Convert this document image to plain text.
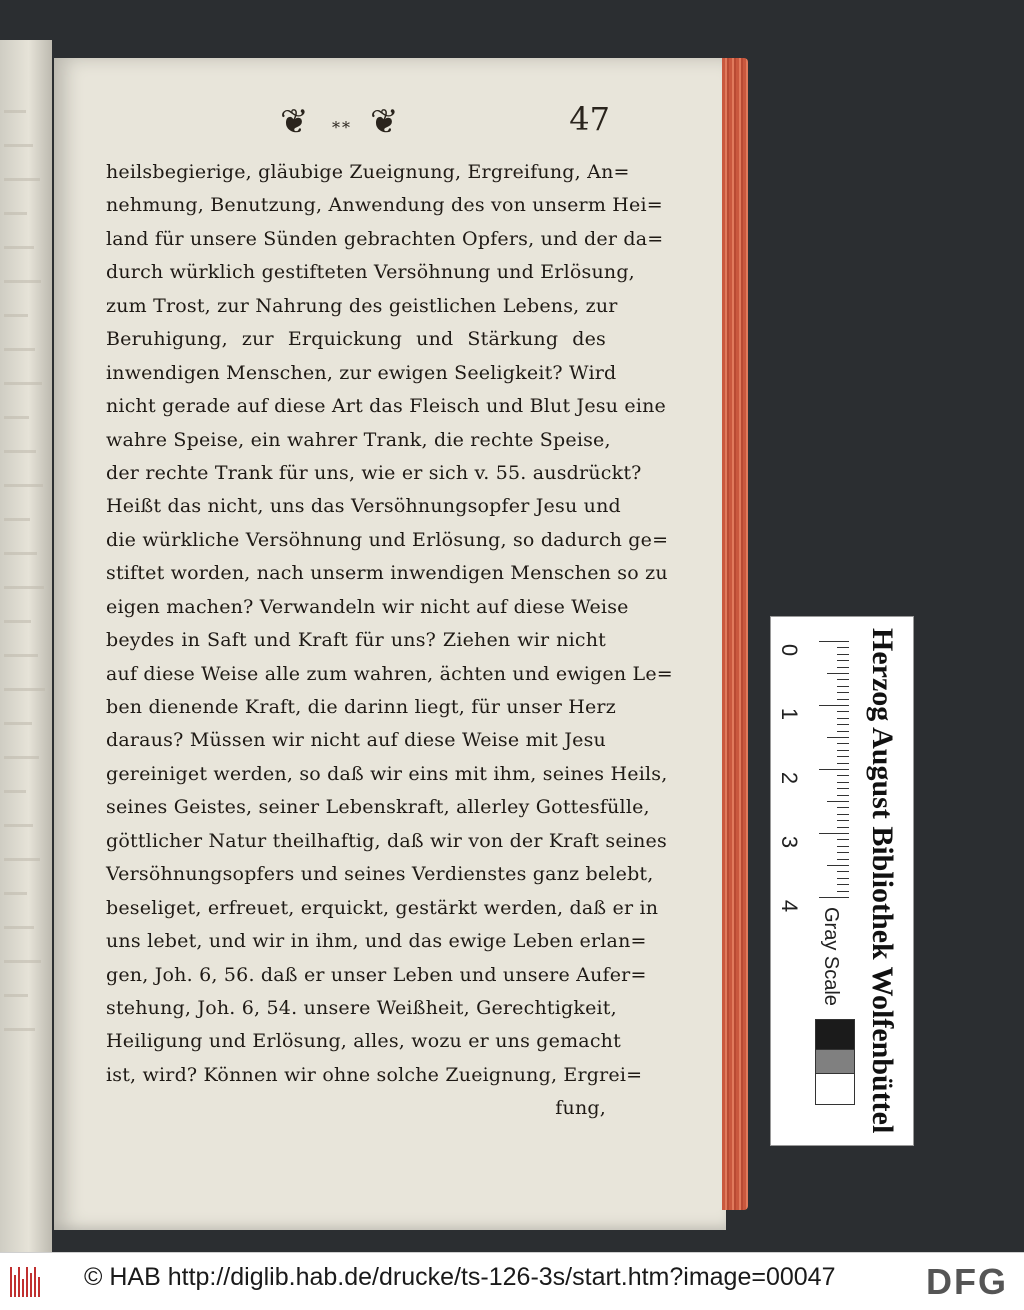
❦ ** ❦	47
heilsbegierige, gläubige Zueignung, Ergreifung, An=
nehmung, Benutzung, Anwendung des von unserm Hei=
land für unsere Sünden gebrachten Opfers, und der da=
durch würklich gestifteten Versöhnung und Erlösung,
zum Trost, zur Nahrung des geistlichen Lebens, zur
Beruhigung, zur Erquickung und Stärkung des
inwendigen Menschen, zur ewigen Seeligkeit? Wird
nicht gerade auf diese Art das Fleisch und Blut Jesu eine
wahre Speise, ein wahrer Trank, die rechte Speise,
der rechte Trank für uns, wie er sich v. 55. ausdrückt?
Heißt das nicht, uns das Versöhnungsopfer Jesu und
die würkliche Versöhnung und Erlösung, so dadurch ge=
stiftet worden, nach unserm inwendigen Menschen so zu
eigen machen? Verwandeln wir nicht auf diese Weise
beydes in Saft und Kraft für uns? Ziehen wir nicht
auf diese Weise alle zum wahren, ächten und ewigen Le=
ben dienende Kraft, die darinn liegt, für unser Herz
daraus? Müssen wir nicht auf diese Weise mit Jesu
gereiniget werden, so daß wir eins mit ihm, seines Heils,
seines Geistes, seiner Lebenskraft, allerley Gottesfülle,
göttlicher Natur theilhaftig, daß wir von der Kraft seines
Versöhnungsopfers und seines Verdienstes ganz belebt,
beseliget, erfreuet, erquickt, gestärkt werden, daß er in
uns lebet, und wir in ihm, und das ewige Leben erlan=
gen, Joh. 6, 56. daß er unser Leben und unsere Aufer=
stehung, Joh. 6, 54. unsere Weißheit, Gerechtigkeit,
Heiligung und Erlösung, alles, wozu er uns gemacht
ist, wird? Können wir ohne solche Zueignung, Ergrei=
fung,
0
1
2
3
4
Gray Scale Herzog August Bibliothek Wolfenbüttel
© HAB http://diglib.hab.de/drucke/ts-126-3s/start.htm?image=00047	DFG
